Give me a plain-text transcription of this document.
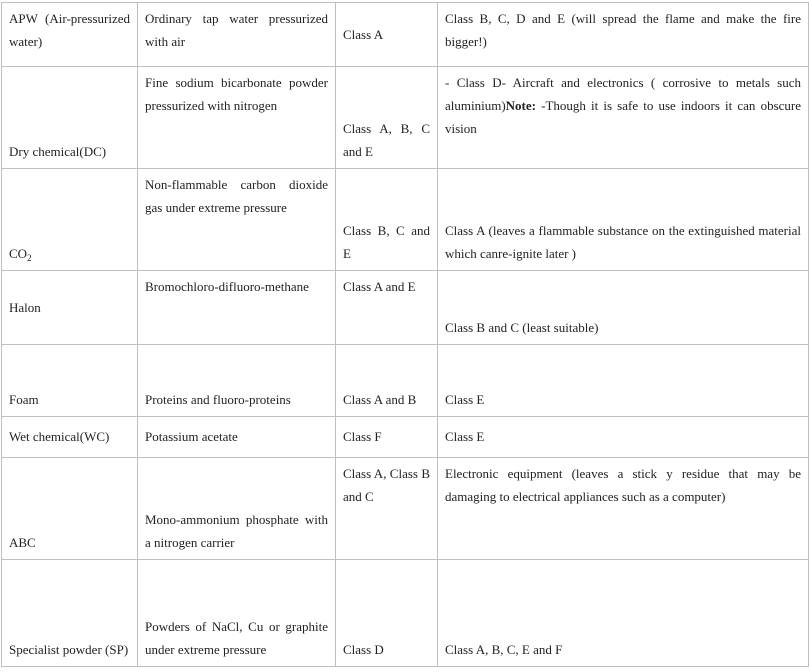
APW (Air-pressurized water)	Ordinary tap water pressurized with air	Class A	Class B, C, D and E (will spread the flame and make the fire bigger!)
Dry chemical(DC)	Fine sodium bicarbonate powder pressurized with nitrogen	Class A, B, C and E	- Class D- Aircraft and electronics ( corrosive to metals such aluminium)Note: -Though it is safe to use indoors it can obscure vision
$CO_2$	Non-flammable carbon dioxide gas under extreme pressure	Class B, C and E	Class A (leaves a flammable substance on the extinguished material which canre-ignite later )
Halon	Bromochloro-difluoro-methane	Class A and E	Class B and C (least suitable)
Foam	Proteins and fluoro-proteins	Class A and B	Class E
Wet chemical(WC)	Potassium acetate	Class F	Class E
ABC	Mono-ammonium phosphate with a nitrogen carrier	Class A, Class B and C	Electronic equipment (leaves a stick y residue that may be damaging to electrical appliances such as a computer)
Specialist powder (SP)	Powders of NaCl, Cu or graphite under extreme pressure	Class D	Class A, B, C, E and F
